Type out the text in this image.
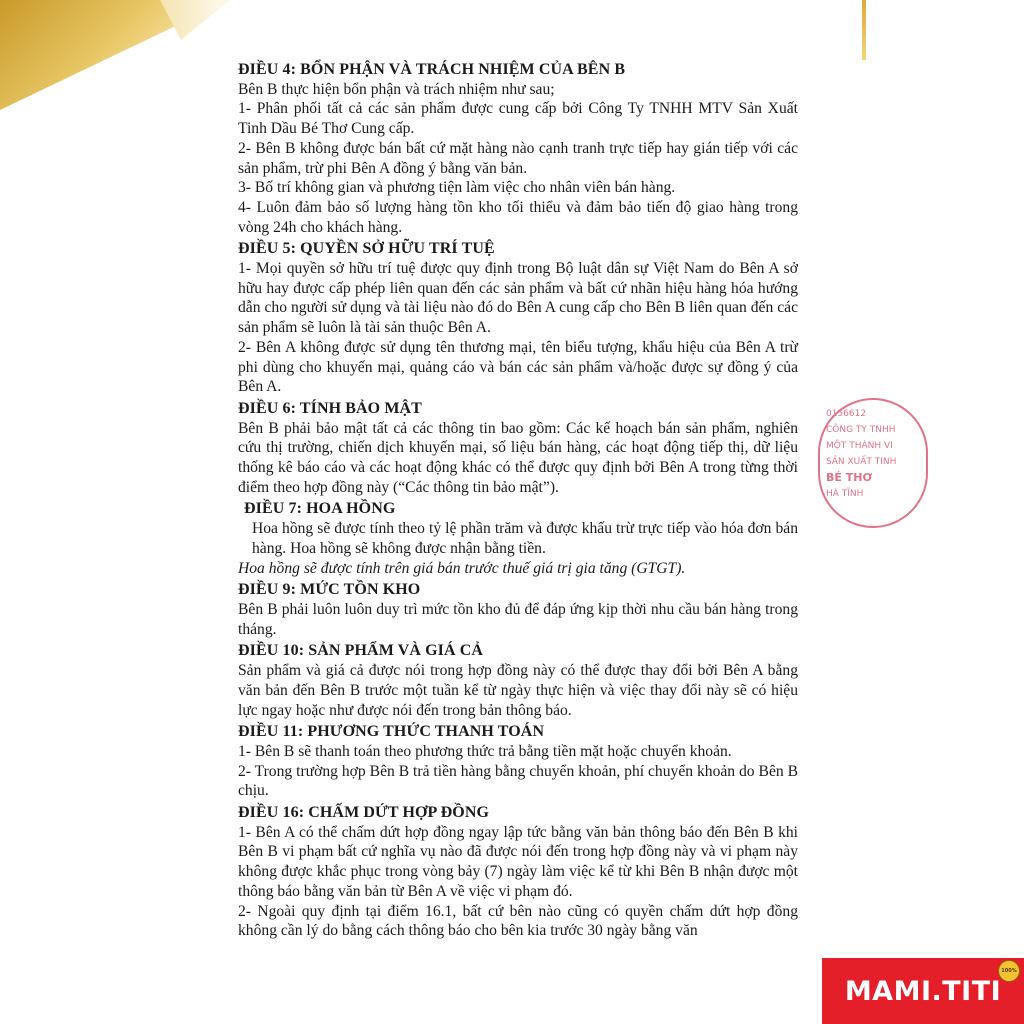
ĐIỀU 4: BỔN PHẬN VÀ TRÁCH NHIỆM CỦA BÊN B

Bên B thực hiện bổn phận và trách nhiệm như sau;

1- Phân phối tất cả các sản phẩm được cung cấp bởi Công Ty TNHH MTV Sản Xuất Tinh Dầu Bé Thơ Cung cấp.

2- Bên B không được bán bất cứ mặt hàng nào cạnh tranh trực tiếp hay gián tiếp với các sản phẩm, trừ phi Bên A đồng ý bằng văn bản.

3- Bố trí không gian và phương tiện làm việc cho nhân viên bán hàng.

4- Luôn đảm bảo số lượng hàng tồn kho tối thiểu và đảm bảo tiến độ giao hàng trong vòng 24h cho khách hàng.

ĐIỀU 5: QUYỀN SỞ HỮU TRÍ TUỆ

1- Mọi quyền sở hữu trí tuệ được quy định trong Bộ luật dân sự Việt Nam do Bên A sở hữu hay được cấp phép liên quan đến các sản phẩm và bất cứ nhãn hiệu hàng hóa hướng dẫn cho người sử dụng và tài liệu nào đó do Bên A cung cấp cho Bên B liên quan đến các sản phẩm sẽ luôn là tài sản thuộc Bên A.

2- Bên A không được sử dụng tên thương mại, tên biểu tượng, khẩu hiệu của Bên A trừ phi dùng cho khuyến mại, quảng cáo và bán các sản phẩm và/hoặc được sự đồng ý của Bên A.

ĐIỀU 6: TÍNH BẢO MẬT

Bên B phải bảo mật tất cả các thông tin bao gồm: Các kế hoạch bán sản phẩm, nghiên cứu thị trường, chiến dịch khuyến mại, số liệu bán hàng, các hoạt động tiếp thị, dữ liệu thống kê báo cáo và các hoạt động khác có thể được quy định bởi Bên A trong từng thời điểm theo hợp đồng này (“Các thông tin bảo mật”).

ĐIỀU 7: HOA HỒNG

Hoa hồng sẽ được tính theo tỷ lệ phần trăm và được khấu trừ trực tiếp vào hóa đơn bán hàng. Hoa hồng sẽ không được nhận bằng tiền.

Hoa hồng sẽ được tính trên giá bán trước thuế giá trị gia tăng (GTGT).

ĐIỀU 9: MỨC TỒN KHO

Bên B phải luôn luôn duy trì mức tồn kho đủ để đáp ứng kịp thời nhu cầu bán hàng trong tháng.

ĐIỀU 10: SẢN PHẨM VÀ GIÁ CẢ

Sản phẩm và giá cả được nói trong hợp đồng này có thể được thay đổi bởi Bên A bằng văn bản đến Bên B trước một tuần kể từ ngày thực hiện và việc thay đổi này sẽ có hiệu lực ngay hoặc như được nói đến trong bản thông báo.

ĐIỀU 11: PHƯƠNG THỨC THANH TOÁN

1- Bên B sẽ thanh toán theo phương thức trả bằng tiền mặt hoặc chuyển khoản.

2- Trong trường hợp Bên B trả tiền hàng bằng chuyển khoản, phí chuyển khoản do Bên B chịu.

ĐIỀU 16: CHẤM DỨT HỢP ĐỒNG

1- Bên A có thể chấm dứt hợp đồng ngay lập tức bằng văn bản thông báo đến Bên B khi Bên B vi phạm bất cứ nghĩa vụ nào đã được nói đến trong hợp đồng này và vi phạm này không được khắc phục trong vòng bảy (7) ngày làm việc kể từ khi Bên B nhận được một thông báo bằng văn bản từ Bên A về việc vi phạm đó.

2- Ngoài quy định tại điểm 16.1, bất cứ bên nào cũng có quyền chấm dứt hợp đồng không cần lý do bằng cách thông báo cho bên kia trước 30 ngày bằng văn

0156612
CÔNG TY TNHH
MỘT THÀNH VI
SẢN XUẤT TINH
BÉ THƠ
HÀ TĨNH
MAMI.TITI
100%
